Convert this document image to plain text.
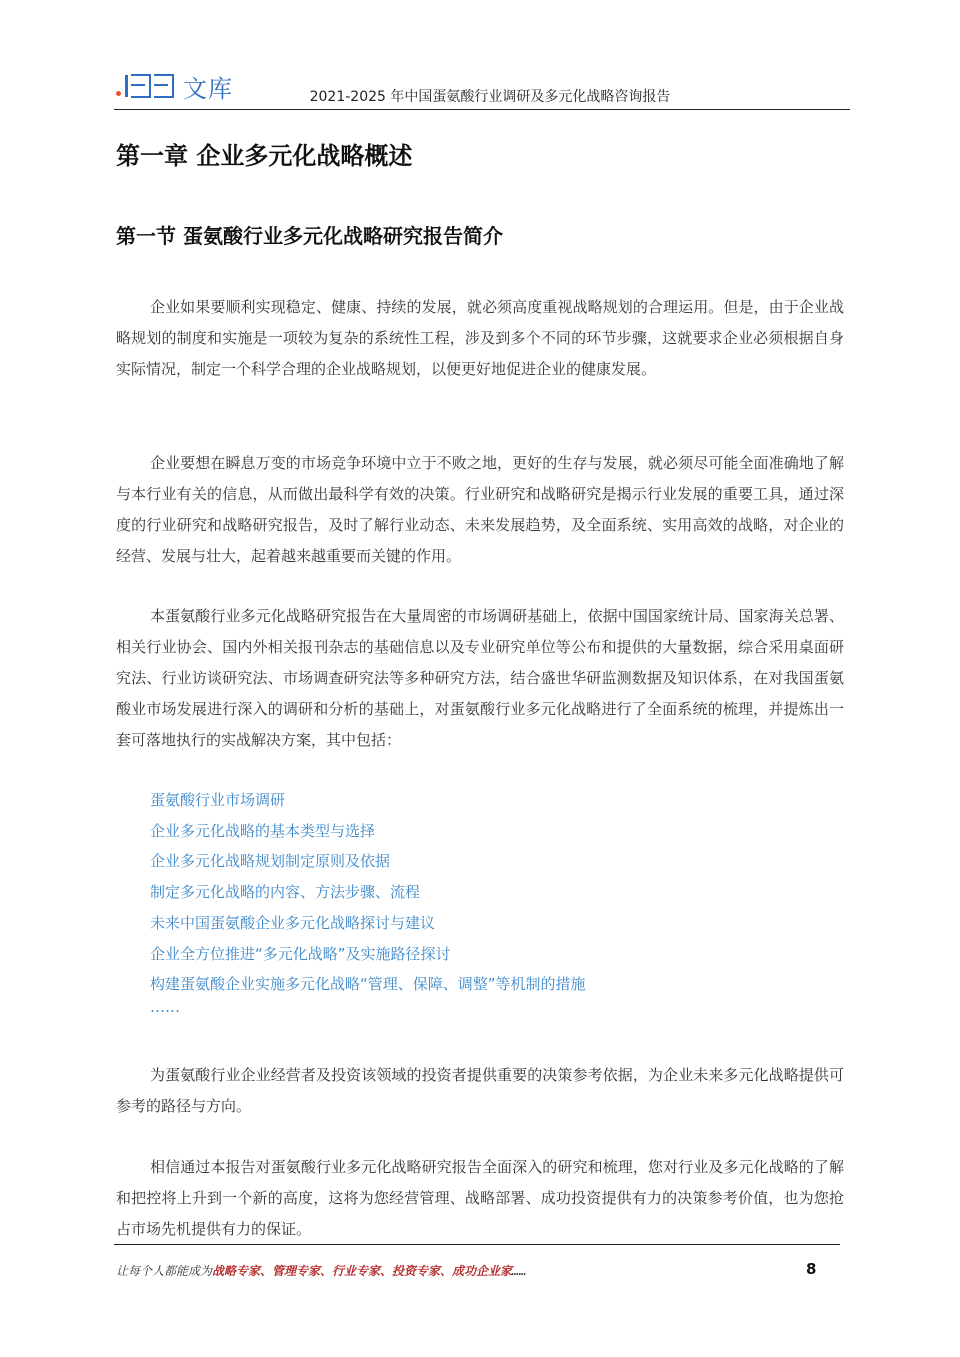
文库	2021-2025 年中国蛋氨酸行业调研及多元化战略咨询报告
第一章 企业多元化战略概述
第一节 蛋氨酸行业多元化战略研究报告简介
企业如果要顺利实现稳定、健康、持续的发展，就必须高度重视战略规划的合理运用。但是，由于企业战略规划的制度和实施是一项较为复杂的系统性工程，涉及到多个不同的环节步骤，这就要求企业必须根据自身实际情况，制定一个科学合理的企业战略规划，以便更好地促进企业的健康发展。
企业要想在瞬息万变的市场竞争环境中立于不败之地，更好的生存与发展，就必须尽可能全面准确地了解与本行业有关的信息，从而做出最科学有效的决策。行业研究和战略研究是揭示行业发展的重要工具，通过深度的行业研究和战略研究报告，及时了解行业动态、未来发展趋势，及全面系统、实用高效的战略，对企业的经营、发展与壮大，起着越来越重要而关键的作用。
本蛋氨酸行业多元化战略研究报告在大量周密的市场调研基础上，依据中国国家统计局、国家海关总署、相关行业协会、国内外相关报刊杂志的基础信息以及专业研究单位等公布和提供的大量数据，综合采用桌面研究法、行业访谈研究法、市场调查研究法等多种研究方法，结合盛世华研监测数据及知识体系，在对我国蛋氨酸业市场发展进行深入的调研和分析的基础上，对蛋氨酸行业多元化战略进行了全面系统的梳理，并提炼出一套可落地执行的实战解决方案，其中包括：
蛋氨酸行业市场调研
企业多元化战略的基本类型与选择
企业多元化战略规划制定原则及依据
制定多元化战略的内容、方法步骤、流程
未来中国蛋氨酸企业多元化战略探讨与建议
企业全方位推进“多元化战略”及实施路径探讨
构建蛋氨酸企业实施多元化战略“管理、保障、调整”等机制的措施
……
为蛋氨酸行业企业经营者及投资该领域的投资者提供重要的决策参考依据，为企业未来多元化战略提供可参考的路径与方向。
相信通过本报告对蛋氨酸行业多元化战略研究报告全面深入的研究和梳理，您对行业及多元化战略的了解和把控将上升到一个新的高度，这将为您经营管理、战略部署、成功投资提供有力的决策参考价值，也为您抢占市场先机提供有力的保证。
让每个人都能成为战略专家、管理专家、行业专家、投资专家、成功企业家……	8
